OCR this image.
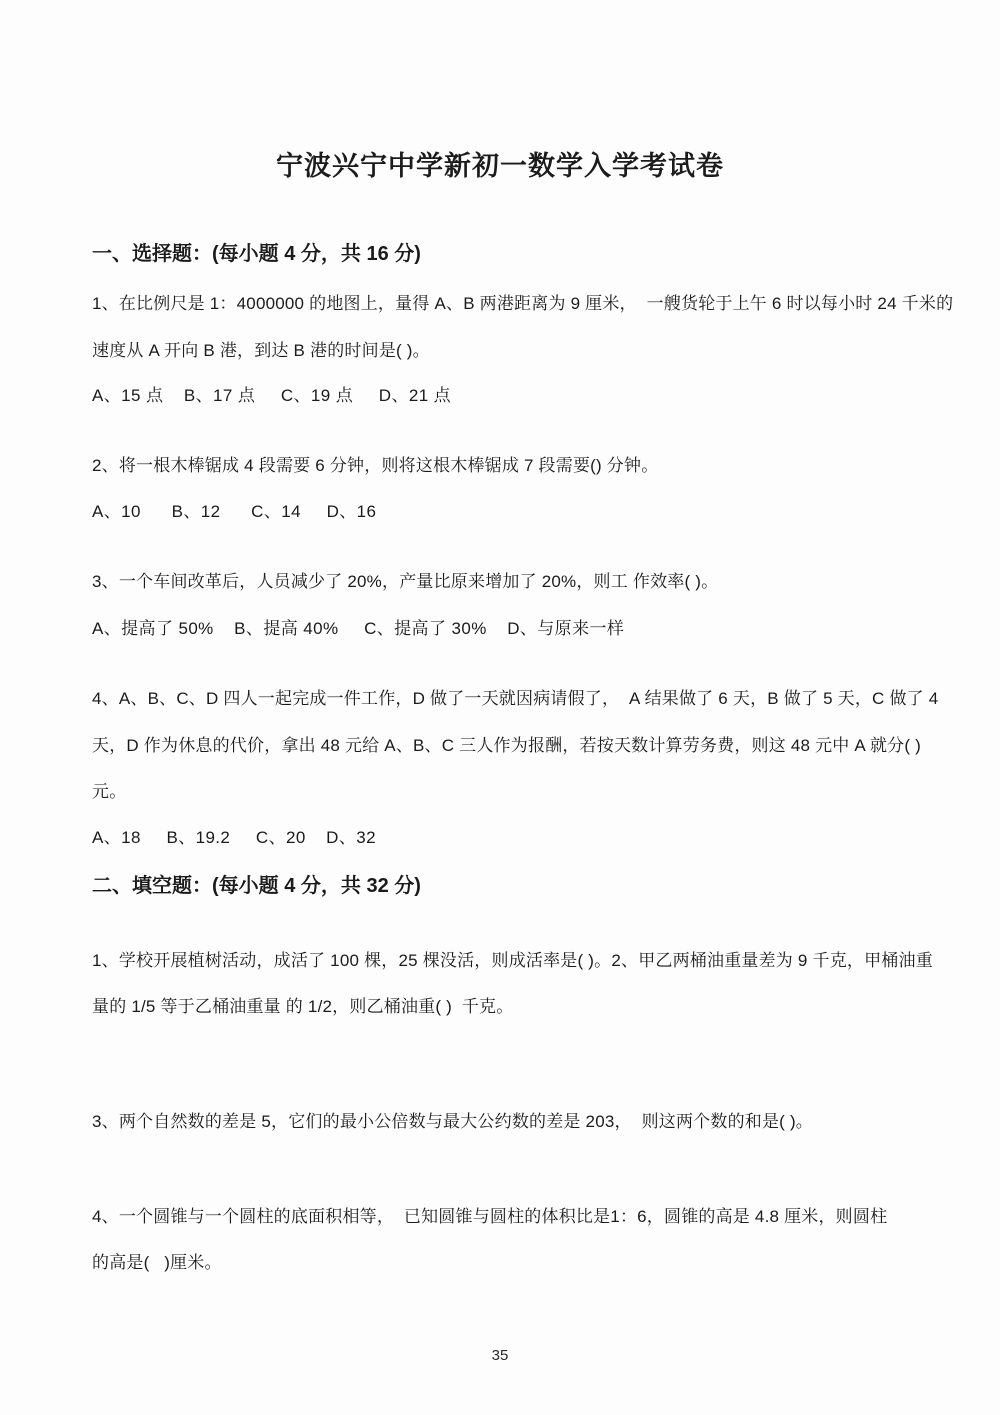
宁波兴宁中学新初一数学入学考试卷
一、选择题：(每小题 4 分，共 16 分)
1、在比例尺是 1：4000000 的地图上，量得 A、B 两港距离为 9 厘米，  一艘货轮于上午 6 时以每小时 24 千米的
速度从 A 开向 B 港，到达 B 港的时间是( )。
A、15 点    B、17 点     C、19 点     D、21 点
2、将一根木棒锯成 4 段需要 6 分钟，则将这根木棒锯成 7 段需要() 分钟。
A、10      B、12      C、14     D、16
3、一个车间改革后，人员减少了 20%，产量比原来增加了 20%，则工 作效率( )。
A、提高了 50%    B、提高 40%     C、提高了 30%    D、与原来一样
4、A、B、C、D 四人一起完成一件工作，D 做了一天就因病请假了，  A 结果做了 6 天，B 做了 5 天，C 做了 4
天，D 作为休息的代价，拿出 48 元给 A、B、C 三人作为报酬，若按天数计算劳务费，则这 48 元中 A 就分( )
元。
A、18     B、19.2     C、20    D、32
二、填空题：(每小题 4 分，共 32 分)
1、学校开展植树活动，成活了 100 棵，25 棵没活，则成活率是( )。2、甲乙两桶油重量差为 9 千克，甲桶油重
量的 1/5 等于乙桶油重量 的 1/2，则乙桶油重( )  千克。
3、两个自然数的差是 5，它们的最小公倍数与最大公约数的差是 203，  则这两个数的和是( )。
4、一个圆锥与一个圆柱的底面积相等，  已知圆锥与圆柱的体积比是1：6，圆锥的高是 4.8 厘米，则圆柱
的高是(   )厘米。
35
